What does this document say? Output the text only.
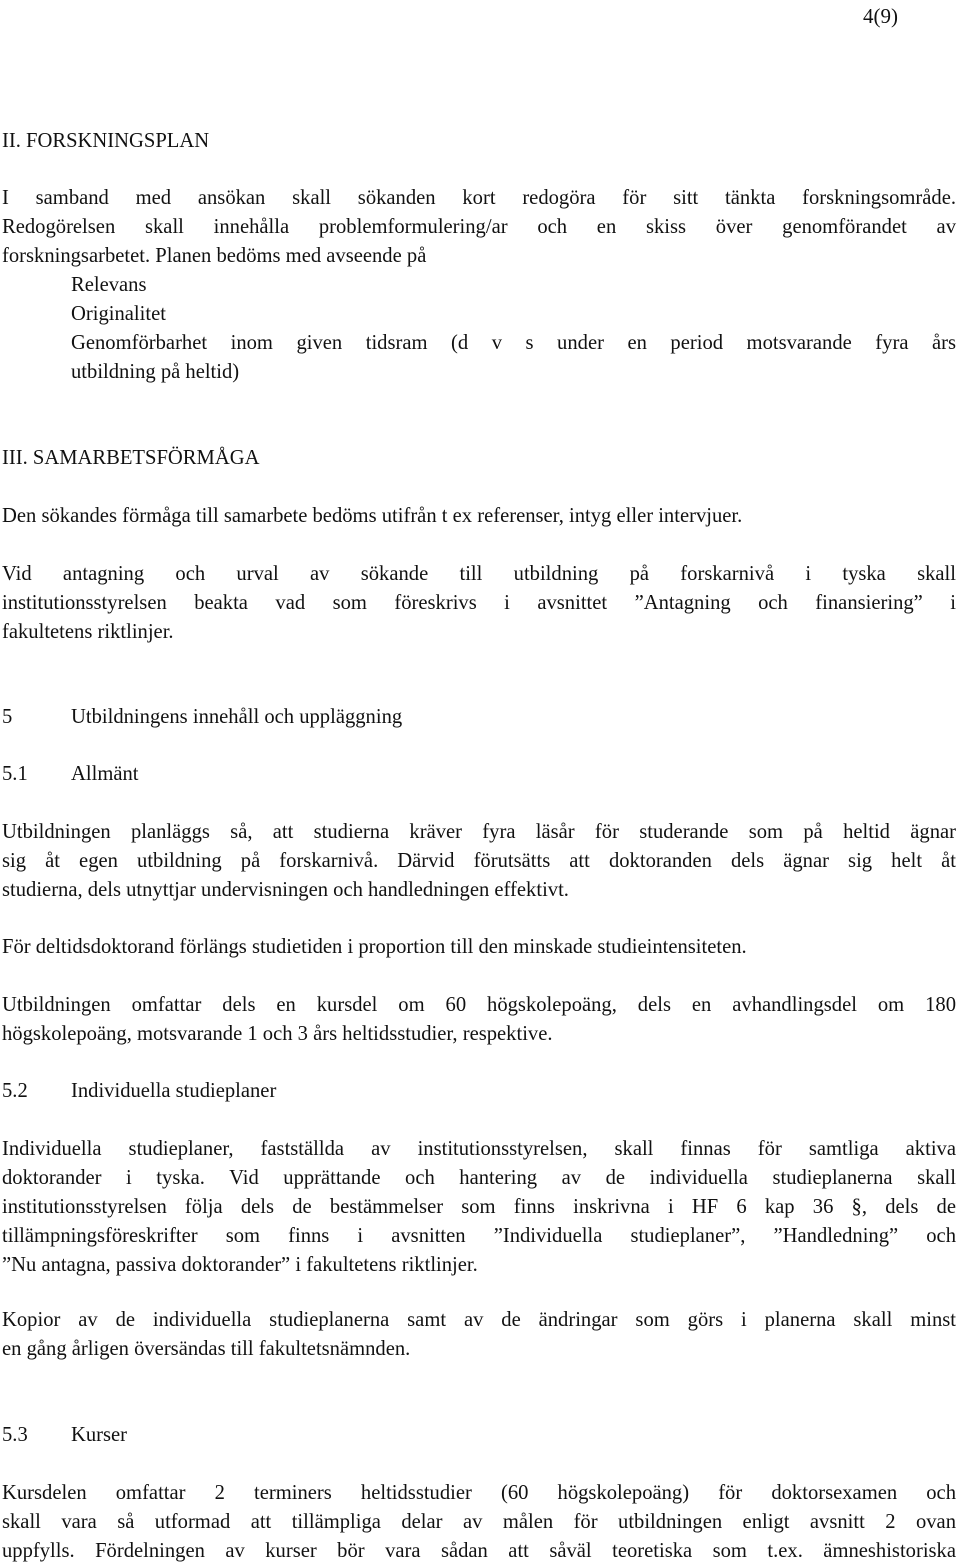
4(9)
II. FORSKNINGSPLAN
I samband med ansökan skall sökanden kort redogöra för sitt tänkta forskningsområde.
Redogörelsen skall innehålla problemformulering/ar och en skiss över genomförandet av
forskningsarbetet. Planen bedöms med avseende på
Relevans
Originalitet
Genomförbarhet inom given tidsram (d v s under en period motsvarande fyra års
utbildning på heltid)
III. SAMARBETSFÖRMÅGA
Den sökandes förmåga till samarbete bedöms utifrån t ex referenser, intyg eller intervjuer.
Vid antagning och urval av sökande till utbildning på forskarnivå i tyska skall
institutionsstyrelsen beakta vad som föreskrivs i avsnittet ”Antagning och finansiering” i
fakultetens riktlinjer.
5	Utbildningens innehåll och uppläggning
5.1 Allmänt
Utbildningen planläggs så, att studierna kräver fyra läsår för studerande som på heltid ägnar
sig åt egen utbildning på forskarnivå. Därvid förutsätts att doktoranden dels ägnar sig helt åt
studierna, dels utnyttjar undervisningen och handledningen effektivt.
För deltidsdoktorand förlängs studietiden i proportion till den minskade studieintensiteten.
Utbildningen omfattar dels en kursdel om 60 högskolepoäng, dels en avhandlingsdel om 180
högskolepoäng, motsvarande 1 och 3 års heltidsstudier, respektive.
5.2 Individuella studieplaner
Individuella studieplaner, fastställda av institutionsstyrelsen, skall finnas för samtliga aktiva
doktorander i tyska. Vid upprättande och hantering av de individuella studieplanerna skall
institutionsstyrelsen följa dels de bestämmelser som finns inskrivna i HF 6 kap 36 §, dels de
tillämpningsföreskrifter som finns i avsnitten ”Individuella studieplaner”, ”Handledning” och
”Nu antagna, passiva doktorander” i fakultetens riktlinjer.
Kopior av de individuella studieplanerna samt av de ändringar som görs i planerna skall minst
en gång årligen översändas till fakultetsnämnden.
5.3 Kurser
Kursdelen omfattar 2 terminers heltidsstudier (60 högskolepoäng) för doktorsexamen och
skall vara så utformad att tillämpliga delar av målen för utbildningen enligt avsnitt 2 ovan
uppfylls. Fördelningen av kurser bör vara sådan att såväl teoretiska som t.ex. ämneshistoriska
